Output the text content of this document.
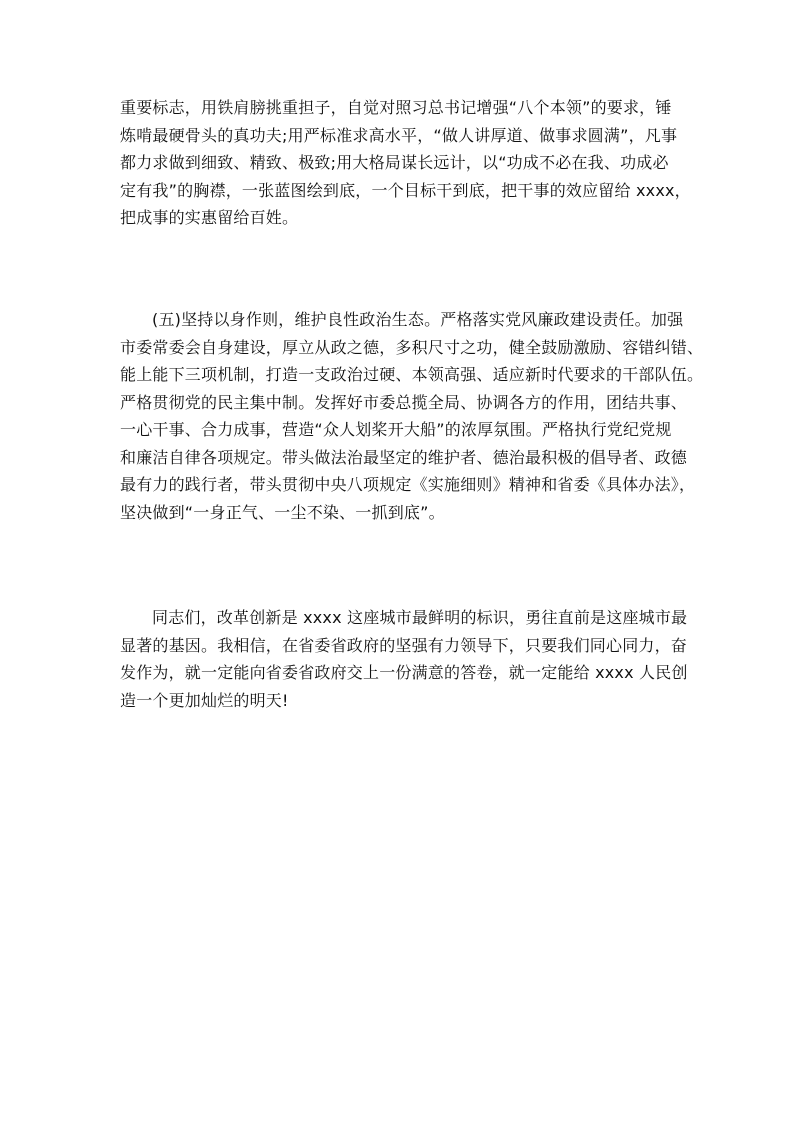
重要标志，用铁肩膀挑重担子，自觉对照习总书记增强“八个本领”的要求，锤
炼啃最硬骨头的真功夫;用严标准求高水平，“做人讲厚道、做事求圆满”，凡事
都力求做到细致、精致、极致;用大格局谋长远计，以“功成不必在我、功成必
定有我”的胸襟，一张蓝图绘到底，一个目标干到底，把干事的效应留给 xxxx，
把成事的实惠留给百姓。
(五)坚持以身作则，维护良性政治生态。严格落实党风廉政建设责任。加强
市委常委会自身建设，厚立从政之德，多积尺寸之功，健全鼓励激励、容错纠错、
能上能下三项机制，打造一支政治过硬、本领高强、适应新时代要求的干部队伍。
严格贯彻党的民主集中制。发挥好市委总揽全局、协调各方的作用，团结共事、
一心干事、合力成事，营造“众人划桨开大船”的浓厚氛围。严格执行党纪党规
和廉洁自律各项规定。带头做法治最坚定的维护者、德治最积极的倡导者、政德
最有力的践行者，带头贯彻中央八项规定《实施细则》精神和省委《具体办法》，
坚决做到“一身正气、一尘不染、一抓到底”。
同志们，改革创新是 xxxx 这座城市最鲜明的标识，勇往直前是这座城市最
显著的基因。我相信，在省委省政府的坚强有力领导下，只要我们同心同力，奋
发作为，就一定能向省委省政府交上一份满意的答卷，就一定能给 xxxx 人民创
造一个更加灿烂的明天!
